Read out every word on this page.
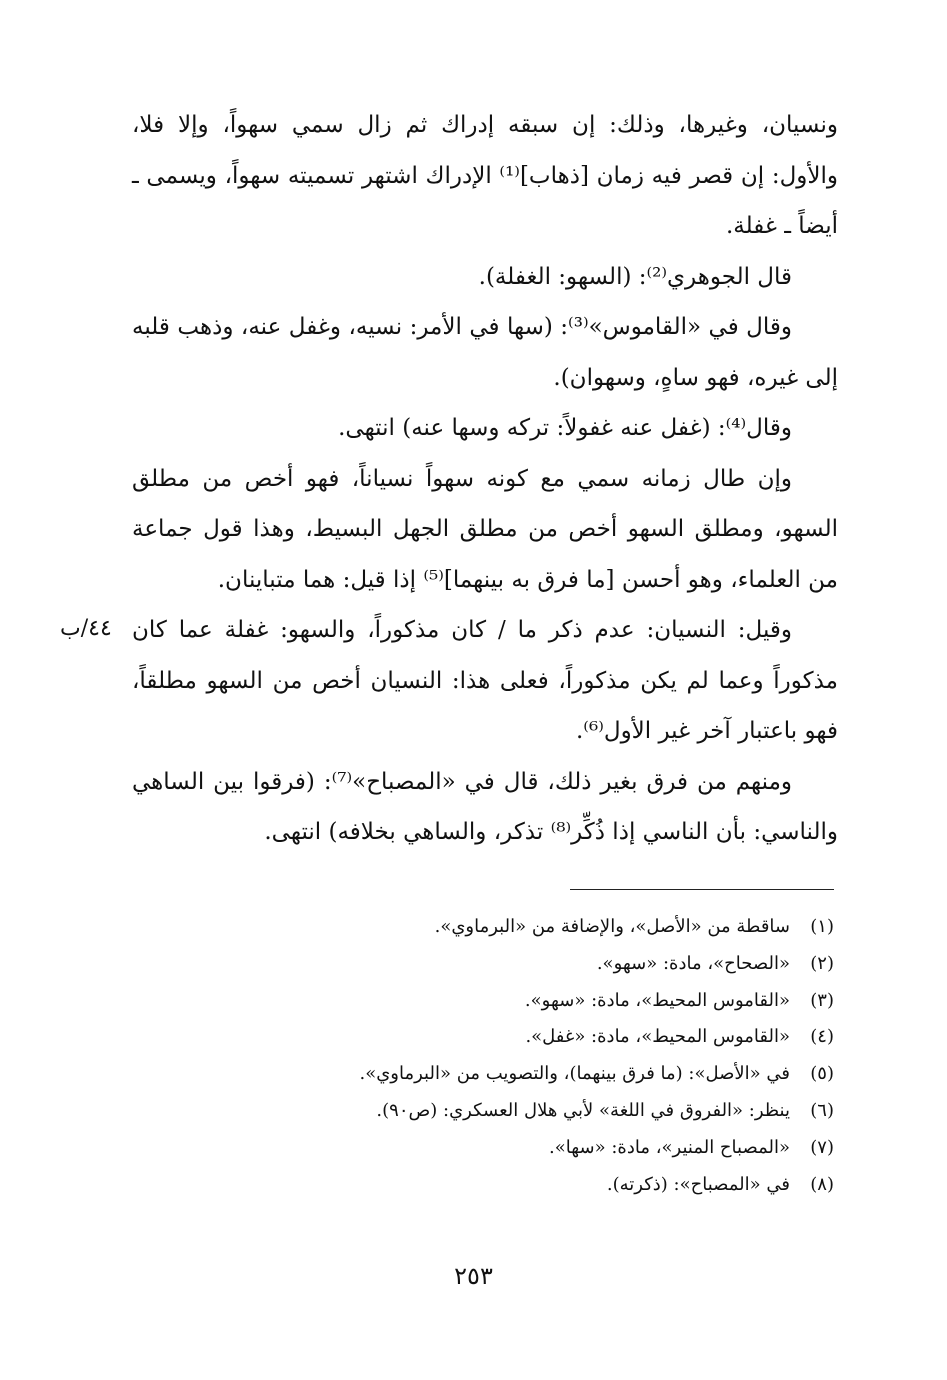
ونسيان، وغيرها، وذلك: إن سبقه إدراك ثم زال سمي سهواً، وإلا فلا، والأول: إن قصر فيه زمان [ذهاب]⁽¹⁾ الإدراك اشتهر تسميته سهواً، ويسمى ـ أيضاً ـ غفلة.

قال الجوهري⁽²⁾: (السهو: الغفلة).

وقال في «القاموس»⁽³⁾: (سها في الأمر: نسيه، وغفل عنه، وذهب قلبه إلى غيره، فهو ساهٍ، وسهوان).

وقال⁽⁴⁾: (غفل عنه غفولاً: تركه وسها عنه) انتهى.

وإن طال زمانه سمي مع كونه سهواً نسياناً، فهو أخص من مطلق السهو، ومطلق السهو أخص من مطلق الجهل البسيط، وهذا قول جماعة من العلماء، وهو أحسن [ما فرق به بينهما]⁽⁵⁾ إذا قيل: هما متباينان.

وقيل: النسيان: عدم ذكر ما / كان مذكوراً، والسهو: غفلة عما كان مذكوراً وعما لم يكن مذكوراً، فعلى هذا: النسيان أخص من السهو مطلقاً، فهو باعتبار آخر غير الأول⁽⁶⁾.

ومنهم من فرق بغير ذلك، قال في «المصباح»⁽⁷⁾: (فرقوا بين الساهي والناسي: بأن الناسي إذا ذُكِّر⁽⁸⁾ تذكر، والساهي بخلافه) انتهى.

٤٤/ب
(١)
ساقطة من «الأصل»، والإضافة من «البرماوي».
(٢)
«الصحاح»، مادة: «سهو».
(٣)
«القاموس المحيط»، مادة: «سهو».
(٤)
«القاموس المحيط»، مادة: «غفل».
(٥)
في «الأصل»: (ما فرق بينهما)، والتصويب من «البرماوي».
(٦)
ينظر: «الفروق في اللغة» لأبي هلال العسكري: (ص٩٠).
(٧)
«المصباح المنير»، مادة: «سها».
(٨)
في «المصباح»: (ذكرته).
٢٥٣
